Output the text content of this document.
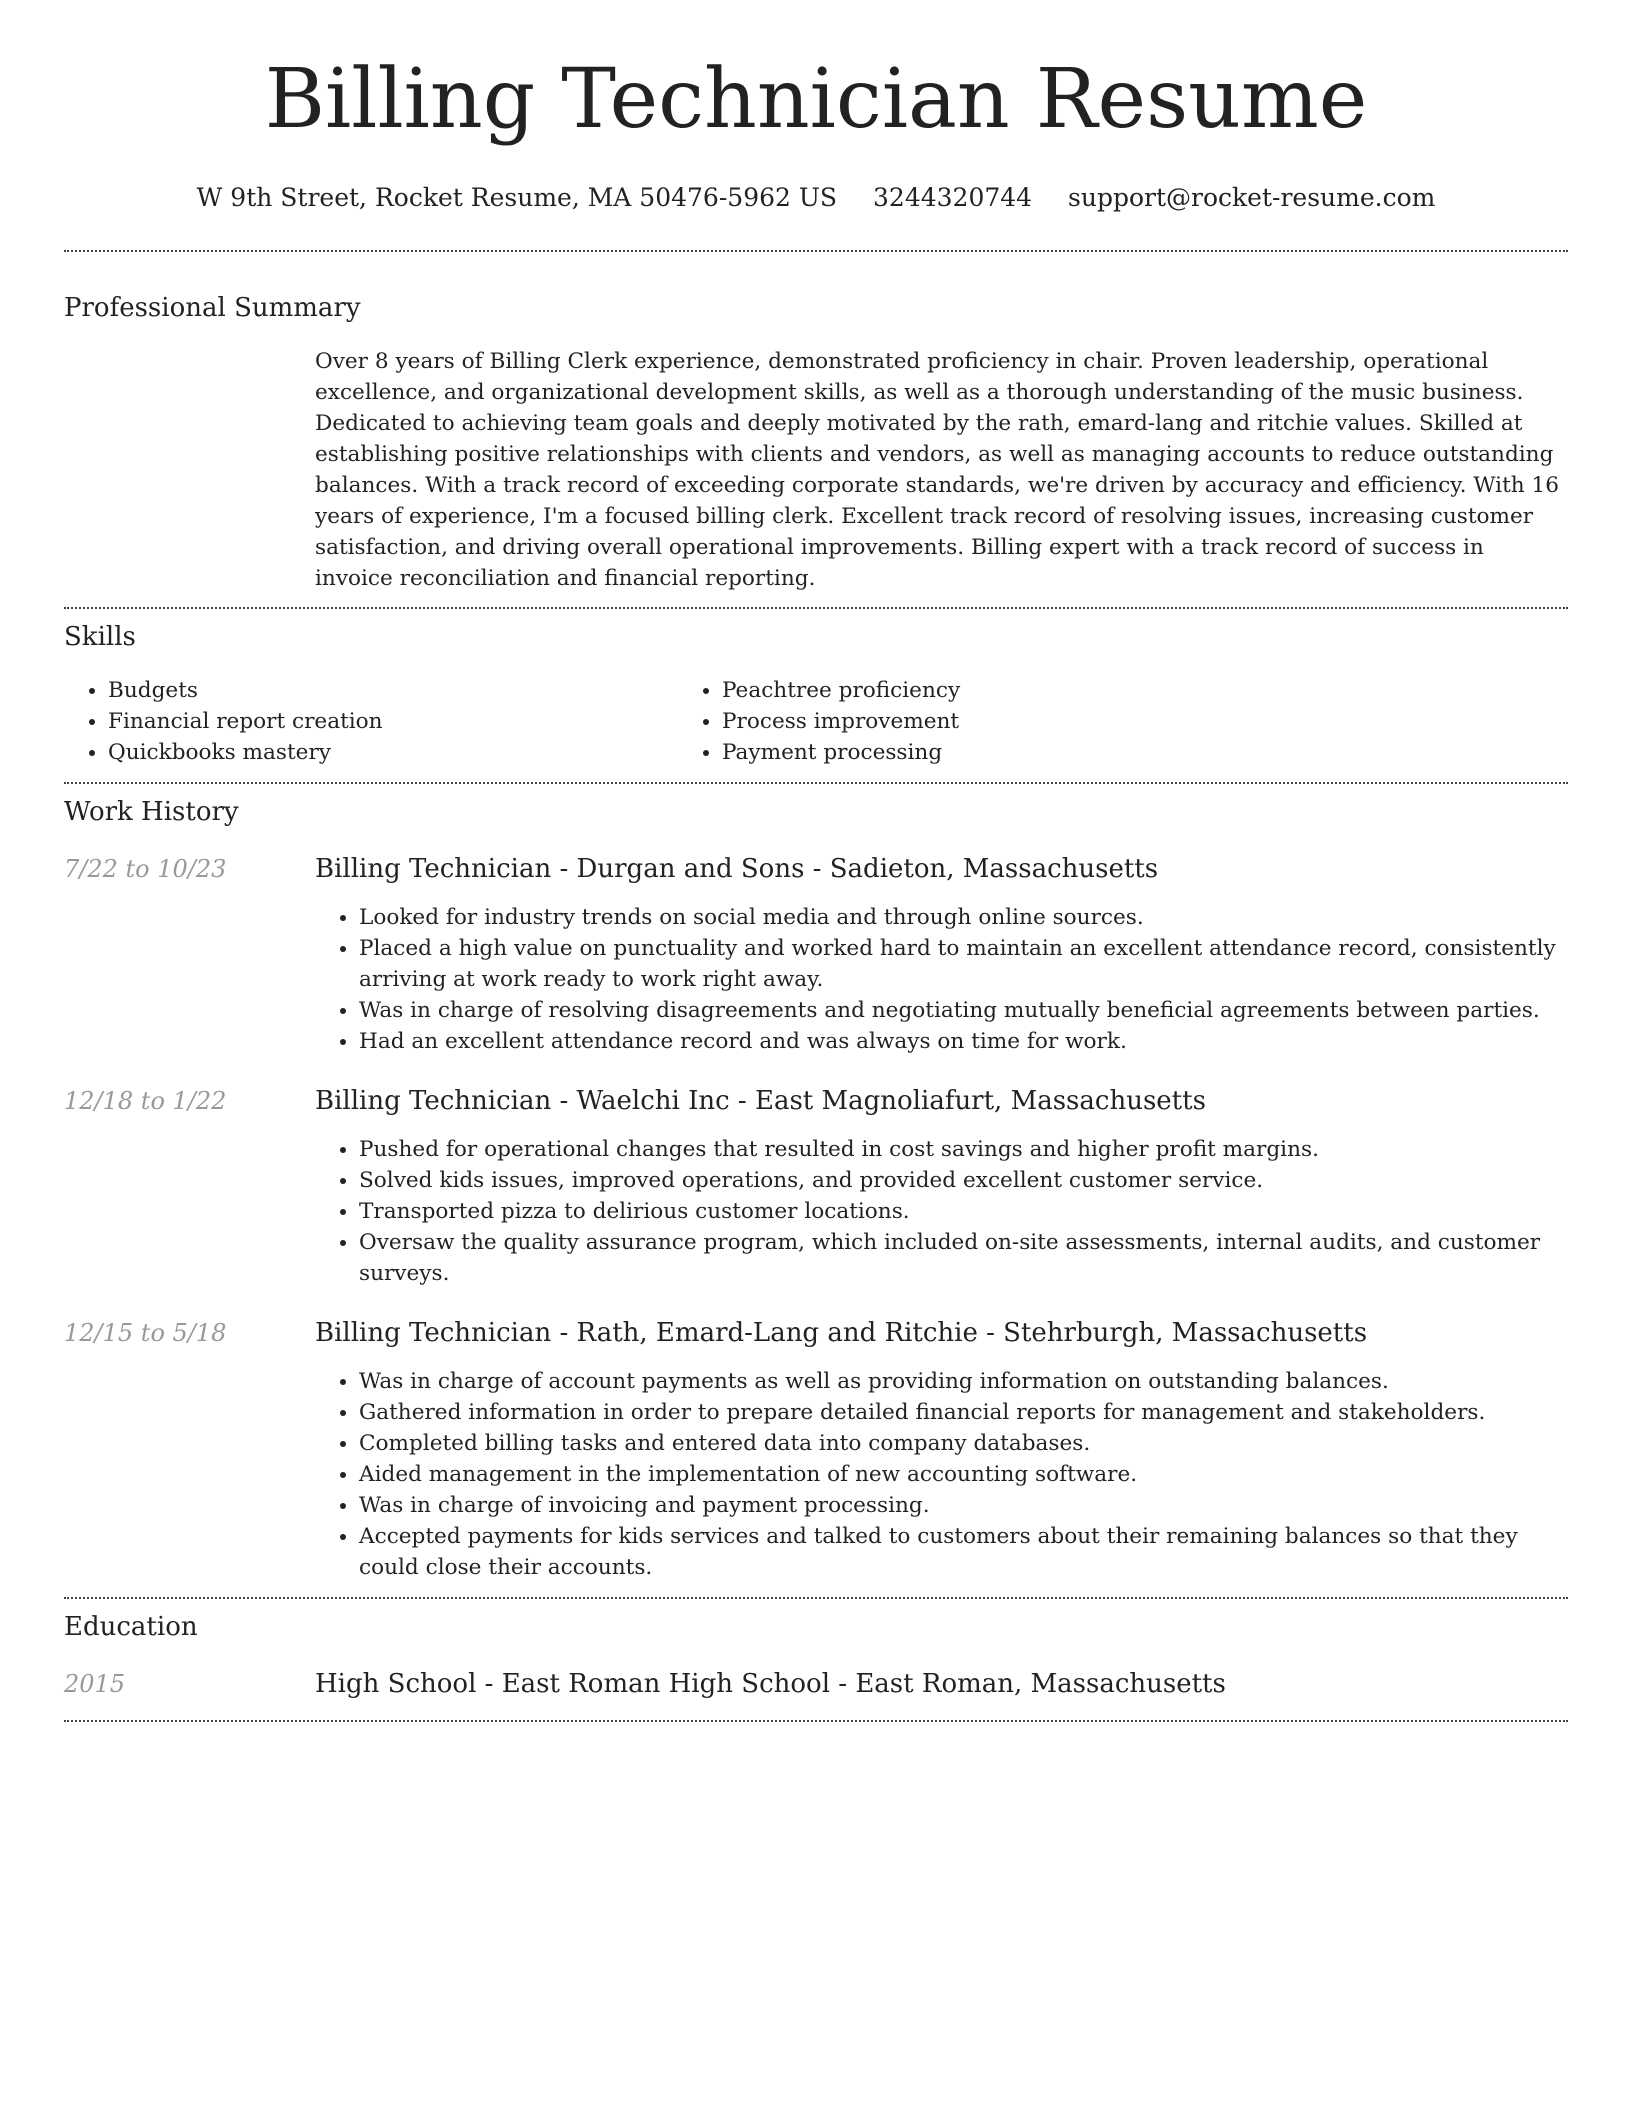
Billing Technician Resume
W 9th Street, Rocket Resume, MA 50476-5962 US 3244320744 support@rocket-resume.com
Professional Summary

Over 8 years of Billing Clerk experience, demonstrated proficiency in chair. Proven leadership, operational excellence, and organizational development skills, as well as a thorough understanding of the music business. Dedicated to achieving team goals and deeply motivated by the rath, emard-lang and ritchie values. Skilled at establishing positive relationships with clients and vendors, as well as managing accounts to reduce outstanding balances. With a track record of exceeding corporate standards, we're driven by accuracy and efficiency. With 16 years of experience, I'm a focused billing clerk. Excellent track record of resolving issues, increasing customer satisfaction, and driving overall operational improvements. Billing expert with a track record of success in invoice reconciliation and financial reporting.

Skills
• Budgets
• Financial report creation
• Quickbooks mastery
• Peachtree proficiency
• Process improvement
• Payment processing
Work History
7/22 to 10/23	Billing Technician - Durgan and Sons - Sadieton, Massachusetts
• Looked for industry trends on social media and through online sources.
• Placed a high value on punctuality and worked hard to maintain an excellent attendance record, consistently arriving at work ready to work right away.
• Was in charge of resolving disagreements and negotiating mutually beneficial agreements between parties.
• Had an excellent attendance record and was always on time for work.
12/18 to 1/22	Billing Technician - Waelchi Inc - East Magnoliafurt, Massachusetts
• Pushed for operational changes that resulted in cost savings and higher profit margins.
• Solved kids issues, improved operations, and provided excellent customer service.
• Transported pizza to delirious customer locations.
• Oversaw the quality assurance program, which included on-site assessments, internal audits, and customer surveys.
12/15 to 5/18	Billing Technician - Rath, Emard-Lang and Ritchie - Stehrburgh, Massachusetts
• Was in charge of account payments as well as providing information on outstanding balances.
• Gathered information in order to prepare detailed financial reports for management and stakeholders.
• Completed billing tasks and entered data into company databases.
• Aided management in the implementation of new accounting software.
• Was in charge of invoicing and payment processing.
• Accepted payments for kids services and talked to customers about their remaining balances so that they could close their accounts.
Education
2015	High School - East Roman High School - East Roman, Massachusetts
